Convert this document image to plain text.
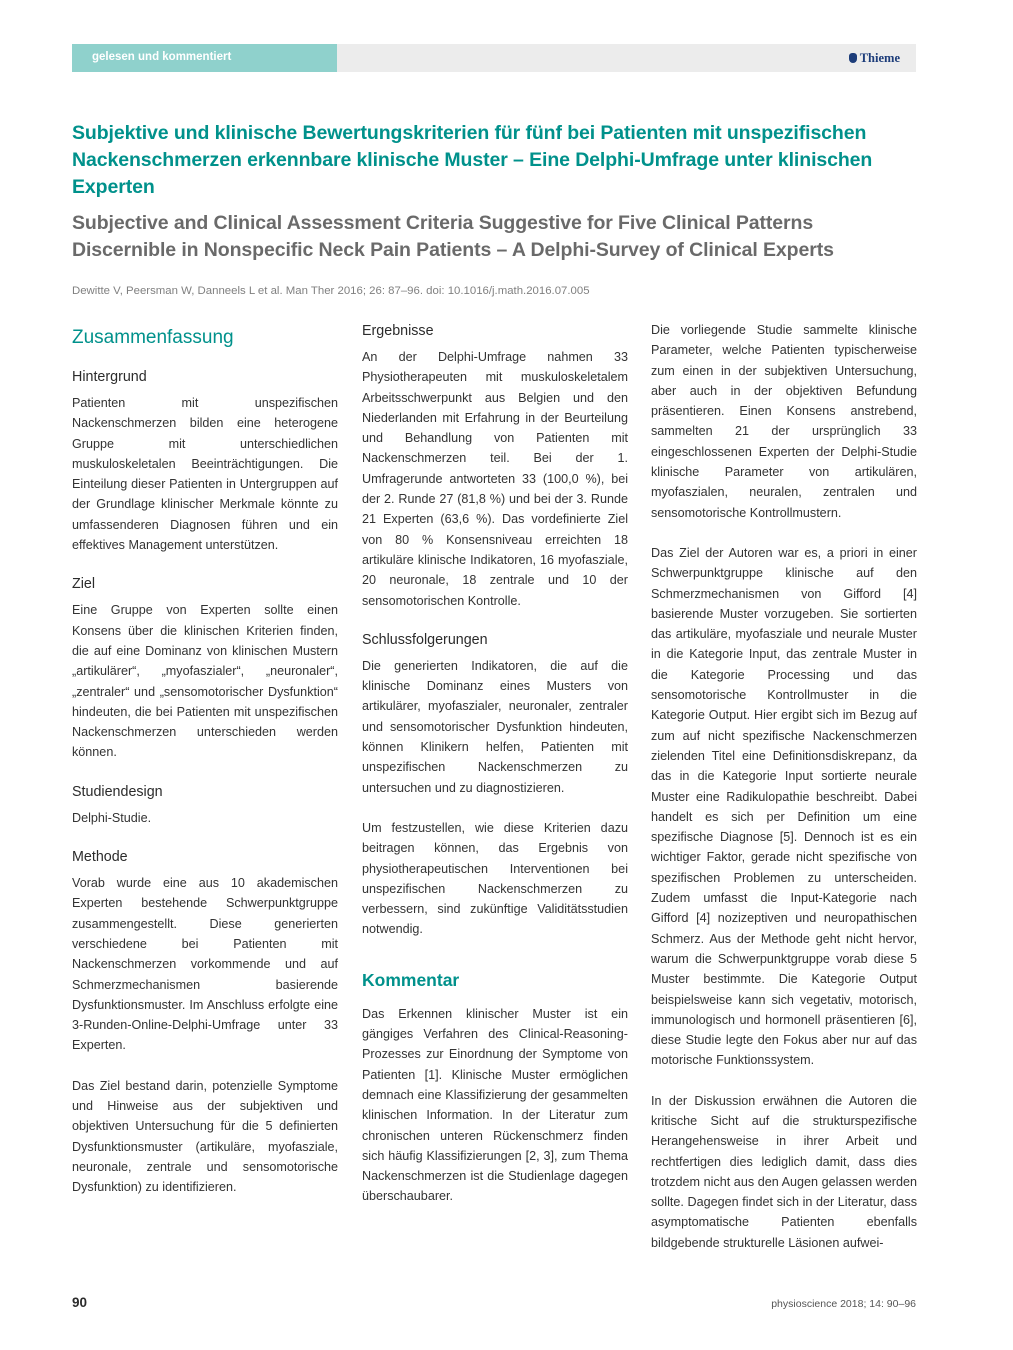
gelesen und kommentiert	Thieme
Subjektive und klinische Bewertungskriterien für fünf bei Patienten mit unspezifischen Nackenschmerzen erkennbare klinische Muster – Eine Delphi-Umfrage unter klinischen Experten
Subjective and Clinical Assessment Criteria Suggestive for Five Clinical Patterns Discernible in Nonspecific Neck Pain Patients – A Delphi-Survey of Clinical Experts

Dewitte V, Peersman W, Danneels L et al. Man Ther 2016; 26: 87–96. doi: 10.1016/j.math.2016.07.005

Zusammenfassung
Hintergrund

Patienten mit unspezifischen Nackenschmerzen bilden eine heterogene Gruppe mit unterschiedlichen muskuloskeletalen Beeinträchtigungen. Die Einteilung dieser Patienten in Untergruppen auf der Grundlage klinischer Merkmale könnte zu umfassenderen Diagnosen führen und ein effektives Management unterstützen.

Ziel

Eine Gruppe von Experten sollte einen Konsens über die klinischen Kriterien finden, die auf eine Dominanz von klinischen Mustern „artikulärer“, „myofaszialer“, „neuronaler“, „zentraler“ und „sensomotorischer Dysfunktion“ hindeuten, die bei Patienten mit unspezifischen Nackenschmerzen unterschieden werden können.

Studiendesign

Delphi-Studie.

Methode

Vorab wurde eine aus 10 akademischen Experten bestehende Schwerpunktgruppe zusammengestellt. Diese generierten verschiedene bei Patienten mit Nackenschmerzen vorkommende und auf Schmerzmechanismen basierende Dysfunktionsmuster. Im Anschluss erfolgte eine 3-Runden-Online-Delphi-Umfrage unter 33 Experten.

Das Ziel bestand darin, potenzielle Symptome und Hinweise aus der subjektiven und objektiven Untersuchung für die 5 definierten Dysfunktionsmuster (artikuläre, myofasziale, neuronale, zentrale und sensomotorische Dysfunktion) zu identifizieren.

Ergebnisse

An der Delphi-Umfrage nahmen 33 Physiotherapeuten mit muskuloskeletalem Arbeitsschwerpunkt aus Belgien und den Niederlanden mit Erfahrung in der Beurteilung und Behandlung von Patienten mit Nackenschmerzen teil. Bei der 1. Umfragerunde antworteten 33 (100,0 %), bei der 2. Runde 27 (81,8 %) und bei der 3. Runde 21 Experten (63,6 %). Das vordefinierte Ziel von 80 % Konsensniveau erreichten 18 artikuläre klinische Indikatoren, 16 myofasziale, 20 neuronale, 18 zentrale und 10 der sensomotorischen Kontrolle.

Schlussfolgerungen

Die generierten Indikatoren, die auf die klinische Dominanz eines Musters von artikulärer, myofaszialer, neuronaler, zentraler und sensomotorischer Dysfunktion hindeuten, können Klinikern helfen, Patienten mit unspezifischen Nackenschmerzen zu untersuchen und zu diagnostizieren.

Um festzustellen, wie diese Kriterien dazu beitragen können, das Ergebnis von physiotherapeutischen Interventionen bei unspezifischen Nackenschmerzen zu verbessern, sind zukünftige Validitätsstudien notwendig.

Kommentar

Das Erkennen klinischer Muster ist ein gängiges Verfahren des Clinical-Reasoning-Prozesses zur Einordnung der Symptome von Patienten [1]. Klinische Muster ermöglichen demnach eine Klassifizierung der gesammelten klinischen Information. In der Literatur zum chronischen unteren Rückenschmerz finden sich häufig Klassifizierungen [2, 3], zum Thema Nackenschmerzen ist die Studienlage dagegen überschaubarer.

Die vorliegende Studie sammelte klinische Parameter, welche Patienten typischerweise zum einen in der subjektiven Untersuchung, aber auch in der objektiven Befundung präsentieren. Einen Konsens anstrebend, sammelten 21 der ursprünglich 33 eingeschlossenen Experten der Delphi-Studie klinische Parameter von artikulären, myofaszialen, neuralen, zentralen und sensomotorische Kontrollmustern.

Das Ziel der Autoren war es, a priori in einer Schwerpunktgruppe klinische auf den Schmerzmechanismen von Gifford [4] basierende Muster vorzugeben. Sie sortierten das artikuläre, myofasziale und neurale Muster in die Kategorie Input, das zentrale Muster in die Kategorie Processing und das sensomotorische Kontrollmuster in die Kategorie Output. Hier ergibt sich im Bezug auf zum auf nicht spezifische Nackenschmerzen zielenden Titel eine Definitionsdiskrepanz, da das in die Kategorie Input sortierte neurale Muster eine Radikulopathie beschreibt. Dabei handelt es sich per Definition um eine spezifische Diagnose [5]. Dennoch ist es ein wichtiger Faktor, gerade nicht spezifische von spezifischen Problemen zu unterscheiden. Zudem umfasst die Input-Kategorie nach Gifford [4] nozizeptiven und neuropathischen Schmerz. Aus der Methode geht nicht hervor, warum die Schwerpunktgruppe vorab diese 5 Muster bestimmte. Die Kategorie Output beispielsweise kann sich vegetativ, motorisch, immunologisch und hormonell präsentieren [6], diese Studie legte den Fokus aber nur auf das motorische Funktionssystem.

In der Diskussion erwähnen die Autoren die kritische Sicht auf die strukturspezifische Herangehensweise in ihrer Arbeit und rechtfertigen dies lediglich damit, dass dies trotzdem nicht aus den Augen gelassen werden sollte. Dagegen findet sich in der Literatur, dass asymptomatische Patienten ebenfalls bildgebende strukturelle Läsionen aufwei-

90	physioscience 2018; 14: 90–96
